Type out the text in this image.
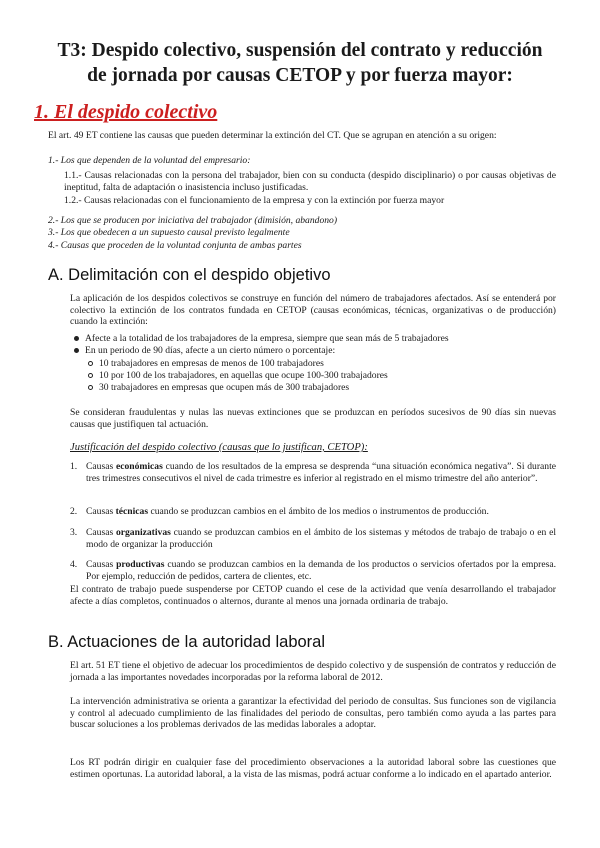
T3: Despido colectivo, suspensión del contrato y reducción
de jornada por causas CETOP y por fuerza mayor:
1. El despido colectivo
El art. 49 ET contiene las causas que pueden determinar la extinción del CT. Que se agrupan en atención a su origen:
1.- Los que dependen de la voluntad del empresario:
1.1.- Causas relacionadas con la persona del trabajador, bien con su conducta (despido disciplinario) o por causas objetivas de ineptitud, falta de adaptación o inasistencia incluso justificadas.
1.2.- Causas relacionadas con el funcionamiento de la empresa y con la extinción por fuerza mayor
2.- Los que se producen por iniciativa del trabajador (dimisión, abandono)
3.- Los que obedecen a un supuesto causal previsto legalmente
4.- Causas que proceden de la voluntad conjunta de ambas partes
A. Delimitación con el despido objetivo
La aplicación de los despidos colectivos se construye en función del número de trabajadores afectados. Así se entenderá por colectivo la extinción de los contratos fundada en CETOP (causas económicas, técnicas, organizativas o de producción) cuando la extinción:
Afecte a la totalidad de los trabajadores de la empresa, siempre que sean más de 5 trabajadores
En un periodo de 90 días, afecte a un cierto número o porcentaje:
10 trabajadores en empresas de menos de 100 trabajadores
10 por 100 de los trabajadores, en aquellas que ocupe 100-300 trabajadores
30 trabajadores en empresas que ocupen más de 300 trabajadores
Se consideran fraudulentas y nulas las nuevas extinciones que se produzcan en períodos sucesivos de 90 días sin nuevas causas que justifiquen tal actuación.
Justificación del despido colectivo (causas que lo justifican, CETOP):
1. Causas económicas cuando de los resultados de la empresa se desprenda “una situación económica negativa”. Si durante tres trimestres consecutivos el nivel de cada trimestre es inferior al registrado en el mismo trimestre del año anterior”.
2. Causas técnicas cuando se produzcan cambios en el ámbito de los medios o instrumentos de producción.
3. Causas organizativas cuando se produzcan cambios en el ámbito de los sistemas y métodos de trabajo de trabajo o en el modo de organizar la producción
4. Causas productivas cuando se produzcan cambios en la demanda de los productos o servicios ofertados por la empresa. Por ejemplo, reducción de pedidos, cartera de clientes, etc.
El contrato de trabajo puede suspenderse por CETOP cuando el cese de la actividad que venía desarrollando el trabajador afecte a días completos, continuados o alternos, durante al menos una jornada ordinaria de trabajo.
B. Actuaciones de la autoridad laboral
El art. 51 ET tiene el objetivo de adecuar los procedimientos de despido colectivo y de suspensión de contratos y reducción de jornada a las importantes novedades incorporadas por la reforma laboral de 2012.
La intervención administrativa se orienta a garantizar la efectividad del periodo de consultas. Sus funciones son de vigilancia y control al adecuado cumplimiento de las finalidades del periodo de consultas, pero también como ayuda a las partes para buscar soluciones a los problemas derivados de las medidas laborales a adoptar.
Los RT podrán dirigir en cualquier fase del procedimiento observaciones a la autoridad laboral sobre las cuestiones que estimen oportunas. La autoridad laboral, a la vista de las mismas, podrá actuar conforme a lo indicado en el apartado anterior.
